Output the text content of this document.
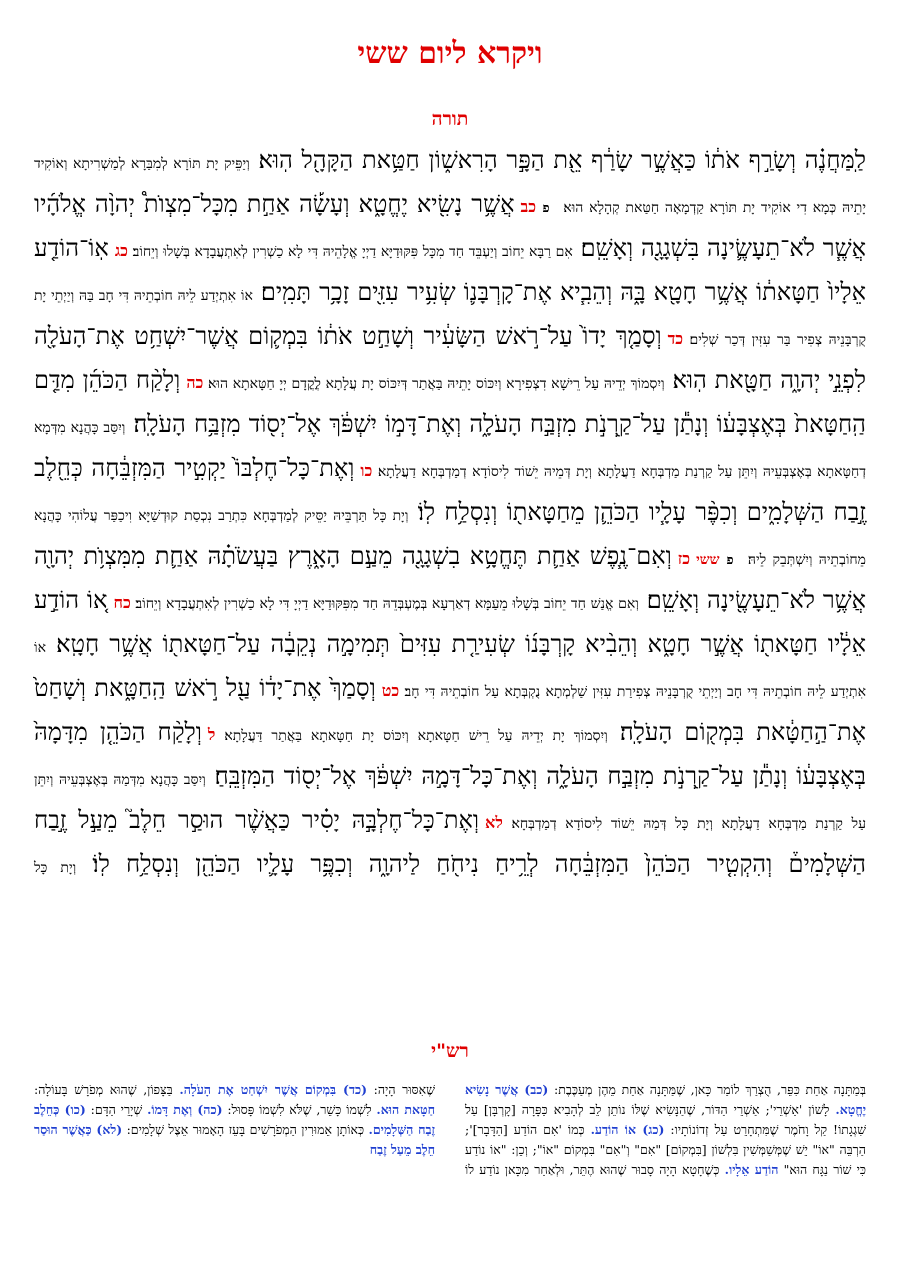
ויקרא ליום ששי
תורה

לַֽמַּחֲנֶ֗ה וְשָׂרַ֣ף אֹת֔וֹ כַּאֲשֶׁ֣ר שָׂרַ֔ף אֵ֖ת הַפָּ֣ר הָרִאשׁ֑וֹן חַטַּ֥את הַקָּהָ֖ל הֽוּא׃ וְיַפֵּיק יָת תּוֹרָא לְמִבַּרָא לְמַשְׁרִיתָא וְאוֹקִיד יָתֵיהּ כְּמָא דִי אוֹקִיד יָת תּוֹרָא קַדְמָאָה חַטַּאת קְהָלָא הוּא׃ פ כבאֲשֶׁ֥ר נָשִׂ֖יא יֶחֱטָ֑א וְעָשָׂ֡ה אַחַ֣ת מִכָּל־מִצְוֺת֩ יְהוָ֨ה אֱלֹהָ֜יו אֲשֶׁ֧ר לֹא־תֵעָשֶׂ֛ינָה בִּשְׁגָגָ֖ה וְאָשֵֽׁם׃ אִם רַבָּא יֵחוֹב וְיַעְבֵּד חַד מִכָּל פִּקּוּדַיָּא דַיְיָ אֱלָהֵיהּ דִּי לָא כַשְׁרִין לְאִתְעֲבָדָא בְּשָׁלוּ וְיֵחוֹב׃ כגאֽוֹ־הוֹדַ֤ע אֵלָיו֙ חַטָּאת֔וֹ אֲשֶׁ֥ר חָטָ֖א בָּ֑הּ וְהֵבִ֧יא אֶת־קָרְבָּנ֛וֹ שְׂעִ֥יר עִזִּ֖ים זָכָ֥ר תָּמִֽים׃ אוֹ אִתְיְדַע לֵיהּ חוֹבְתֵיהּ דִּי חָב בַּהּ וְיַיְתֵי יָת קֻרְבָּנֵיהּ צְפִיר בַּר עִזִּין דְּכַר שְׁלִים׃ כדוְסָמַ֤ךְ יָדוֹ֙ עַל־רֹ֣אשׁ הַשָּׂעִ֔יר וְשָׁחַ֣ט אֹת֔וֹ בִּמְק֛וֹם אֲשֶׁר־יִשְׁחַ֥ט אֶת־הָעֹלָ֖ה לִפְנֵ֣י יְהוָ֑ה חַטָּ֖את הֽוּא׃ וְיִסְמוֹךְ יְדֵיהּ עַל רֵישָׁא דִצְפִירָא וְיִכּוֹס יָתֵיהּ בַּאֲתַר דְּיִכּוֹס יָת עֲלָתָא לֳקֳדָם יְיָ חַטָּאתָא הוּא׃ כהוְלָקַ֨ח הַכֹּהֵ֜ן מִדַּ֤ם הַֽחַטָּאת֙ בְּאֶצְבָּע֔וֹ וְנָתַ֕ן עַל־קַ֖רְנֹ֣ת מִזְבַּ֣ח הָעֹלָ֑ה וְאֶת־דָּמ֣וֹ יִשְׁפֹּ֔ךְ אֶל־יְס֖וֹד מִזְבַּ֥ח הָעֹלָֽה׃ וְיִסַּב כָּהֲנָא מִדְּמָא דְחַטָּאתָא בְּאֶצְבְּעֵיהּ וְיִתֵּן עַל קַרְנַת מַדְבְּחָא דַעֲלָתָא וְיָת דְּמֵיהּ יֵשׁוֹד לִיסוֹדָא דְמַדְבְּחָא דַעֲלָתָא׃ כווְאֶת־כָּל־חֶלְבּוֹ֙ יַקְטִ֣יר הַמִּזְבֵּ֔חָה כְּחֵ֖לֶב זֶ֣בַח הַשְּׁלָמִ֑ים וְכִפֶּ֨ר עָלָ֧יו הַכֹּהֵ֛ן מֵחַטָּאת֖וֹ וְנִסְלַ֥ח לֽוֹ׃ וְיָת כָּל תַּרְבֵּיהּ יַסֵּיק לְמַדְבְּחָא כִּתְרַב נִכְסַת קוּדְשַׁיָּא וִיכַפַּר עֲלוֹהִי כָּהֲנָא מֵחוֹבְתֵיהּ וְיִשְׁתְּבֵק לֵיהּ׃ פ ששיכזוְאִם־נֶ֧פֶשׁ אַחַ֛ת תֶּחֱטָ֥א בִשְׁגָגָ֖ה מֵעַ֣ם הָאָ֑רֶץ בַּעֲשֹׂתָ֗הּ אַחַ֛ת מִמִּצְוֺ֥ת יְהוָ֖ה אֲשֶׁ֥ר לֹא־תֵעָשֶׂ֖ינָה וְאָשֵֽׁם׃ וְאִם אֱנַשׁ חַד יֵחוֹב בְּשָׁלוּ מֵעַמָּא דְאַרְעָא בְּמֶעְבְּדֵהּ חַד מִפִּקּוּדַיָּא דַיְיָ דִּי לָא כַשְׁרִין לְאִתְעֲבָדָא וְיֵחוֹב׃ כחא֚וֹ הוֹדַ֣ע אֵלָ֔יו חַטָּאת֖וֹ אֲשֶׁ֣ר חָטָ֑א וְהֵבִ֨יא קָרְבָּנ֜וֹ שְׂעִירַ֤ת עִזִּים֙ תְּמִימָ֣ה נְקֵבָ֔ה עַל־חַטָּאת֖וֹ אֲשֶׁ֥ר חָטָֽא׃ אוֹ אִתְיְדַע לֵיהּ חוֹבְתֵיהּ דִּי חָב וְיַיְתֵי קֻרְבָּנֵיהּ צְפִירַת עִזִּין שַׁלְמְתָא נֻקְבְּתָא עַל חוֹבְתֵיהּ דִּי חָב׃ כטוְסָמַךְ֙ אֶת־יָד֔וֹ עַ֖ל רֹ֣אשׁ הַֽחַטָּ֑את וְשָׁחַט֙ אֶת־הַ֣חַטָּ֔את בִּמְק֖וֹם הָעֹלָֽה׃ וְיִסְמוֹךְ יָת יְדֵיהּ עַל רֵישׁ חַטָּאתָא וְיִכּוֹס יָת חַטָּאתָא בַּאֲתַר דַּעֲלָתָא׃ לוְלָקַ֨ח הַכֹּהֵ֤ן מִדָּמָהּ֙ בְּאֶצְבָּע֔וֹ וְנָתַ֕ן עַל־קַ֖רְנֹ֣ת מִזְבַּ֣ח הָעֹלָ֑ה וְאֶת־כָּל־דָּמָ֣הּ יִשְׁפֹּ֔ךְ אֶל־יְס֖וֹד הַמִּזְבֵּֽחַ׃ וְיִסַּב כָּהֲנָא מִדְּמַהּ בְּאֶצְבְּעֵיהּ וְיִתֵּן עַל קַרְנַת מַדְבְּחָא דַעֲלָתָא וְיָת כָּל דְּמַהּ יֵשׁוֹד לִיסוֹדָא דְמַדְבְּחָא׃ לאוְאֶת־כָּל־חֶלְבָּ֣הּ יָסִ֗יר כַּאֲשֶׁ֨ר הוּסַ֣ר חֵלֶב֮ מֵעַ֣ל זֶ֣בַח הַשְּׁלָמִים֒ וְהִקְטִ֤יר הַכֹּהֵן֙ הַמִּזְבֵּ֔חָה לְרֵ֥יחַ נִיחֹ֖חַ לַיהוָ֑ה וְכִפֶּ֥ר עָלָ֛יו הַכֹּהֵ֖ן וְנִסְלַ֥ח לֽוֹ׃ וְיָת כָּל

רש"י
בְּמַתָּנָה אַחַת כִּפֵּר, הֻצְרַךְ לוֹמַר כָּאן, שֶׁמַּתָּנָה אַחַת מֵהֶן מְעַכֶּבֶת: (כב) אֲשֶׁר נָשִׂיא יֶחֱטָא. לָשׁוֹן 'אַשְׁרֵי'; אַשְׁרֵי הַדּוֹר, שֶׁהַנָּשִׂיא שֶׁלּוֹ נוֹתֵן לֵב לְהָבִיא כַּפָּרָה [קָרְבָּן] עַל שִׁגְגָתוֹ! קַל וָחֹמֶר שֶׁמִּתְחָרֵט עַל זְדוֹנוֹתָיו: (כג) אוֹ הוֹדַע. כְּמוֹ 'אִם הוֹדַע [הַדָּבָר]'; הַרְבֵּה "אוֹ" יֵשׁ שֶׁמְּשַׁמְּשִׁין בִּלְשׁוֹן [בִּמְקוֹם] "אִם" וְ"אִם" בִּמְקוֹם "אוֹ"; וְכֵן: "אוֹ נוֹדַע כִּי שׁוֹר נַגָּח הוּא" הוֹדַע אֵלָיו. כְּשֶׁחָטָא הָיָה סָבוּר שֶׁהוּא הֶתֵּר, וּלְאַחַר מִכָּאן נוֹדַע לוֹ שֶׁאִסּוּר הָיָה: (כד) בִּמְקוֹם אֲשֶׁר יִשְׁחַט אֶת הָעֹלָה. בַּצָּפוֹן, שֶׁהוּא מְפֹרָשׁ בָּעוֹלָה: חַטָּאת הוּא. לִשְׁמוֹ כָּשֵׁר, שֶׁלֹּא לִשְׁמוֹ פָּסוּל: (כה) וְאֶת דָּמוֹ. שְׁיָרֵי הַדָּם: (כו) כְּחֵלֶב זֶבַח הַשְּׁלָמִים. כְּאוֹתָן אֵמוּרִין הַמְפֹרָשִׁים בָּעֵז הָאָמוּר אֵצֶל שְׁלָמִים: (לא) כַּאֲשֶׁר הוּסַר חֵלֶב מֵעַל זֶבַח
